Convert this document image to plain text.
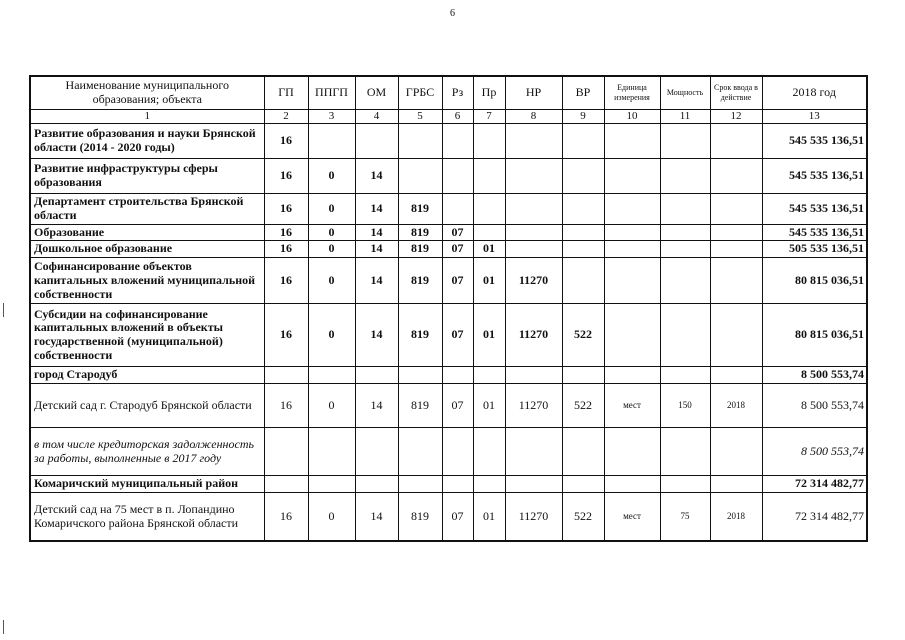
6
Наименование муниципального образования; объекта	ГП	ППГП	ОМ	ГРБС	Рз	Пр	НР	ВР	Единица измерения	Мощность	Срок ввода в действие	2018 год
1	2	3	4	5	6	7	8	9	10	11	12	13
Развитие образования и науки Брянской области (2014 - 2020 годы)	16											545 535 136,51
Развитие инфраструктуры сферы образования	16	0	14									545 535 136,51
Департамент строительства Брянской области	16	0	14	819								545 535 136,51
Образование	16	0	14	819	07							545 535 136,51
Дошкольное образование	16	0	14	819	07	01						505 535 136,51
Софинансирование объектов капитальных вложений муниципальной собственности	16	0	14	819	07	01	11270					80 815 036,51
Субсидии на софинансирование капитальных вложений в объекты государственной (муниципальной) собственности	16	0	14	819	07	01	11270	522				80 815 036,51
город Стародуб												8 500 553,74
Детский сад г. Стародуб Брянской области	16	0	14	819	07	01	11270	522	мест	150	2018	8 500 553,74
в том числе кредиторская задолженность за работы, выполненные в 2017 году												8 500 553,74
Комаричский муниципальный район												72 314 482,77
Детский сад на 75 мест в п. Лопандино Комаричского района Брянской области	16	0	14	819	07	01	11270	522	мест	75	2018	72 314 482,77
